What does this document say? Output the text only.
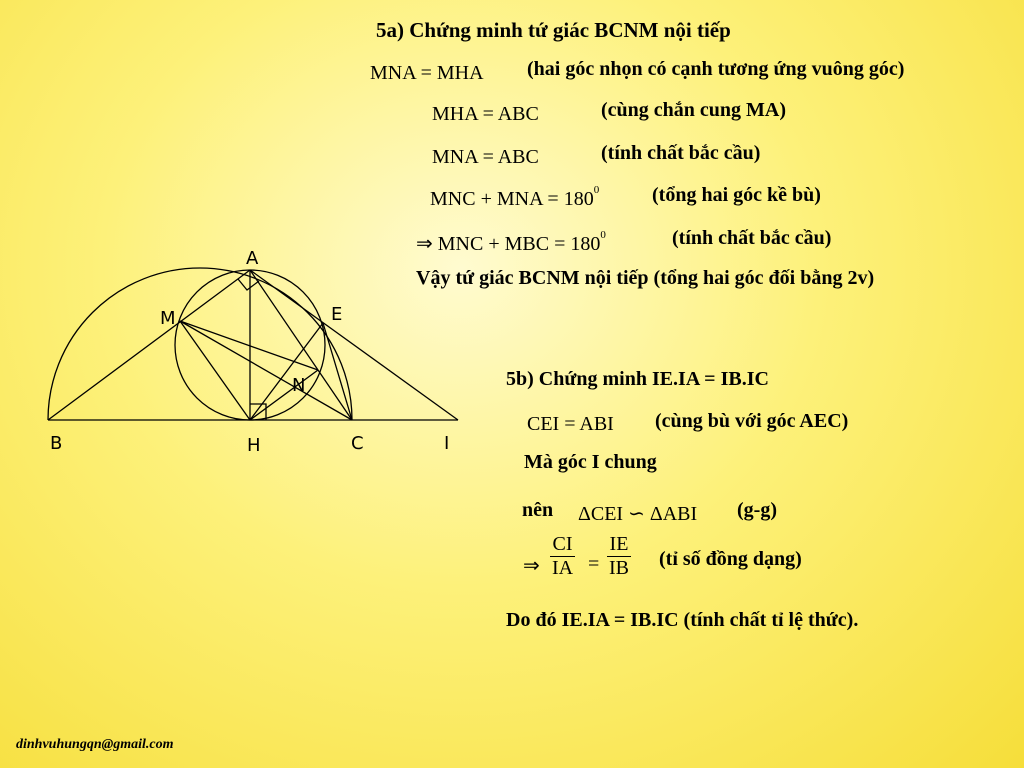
5a) Chứng minh tứ giác BCNM nội tiếp
MNA = MHA (hai góc nhọn có cạnh tương ứng vuông góc)
MHA = ABC	(cùng chắn cung MA)
MNA = ABC	(tính chất bắc cầu)
MNC + MNA = $180^0$	(tổng hai góc kề bù)
⇒ MNC + MBC = $180^0$	(tính chất bắc cầu)
Vậy tứ giác BCNM nội tiếp (tổng hai góc đối bằng 2v)
5b) Chứng minh IE.IA = IB.IC
CEI = ABI (cùng bù với góc AEC)
Mà góc I chung
nên ΔCEI ∽ ΔABI (g-g)
⇒ $\frac{CI}{IA} = \frac{IE}{IB}$ (tỉ số đồng dạng)
Do đó IE.IA = IB.IC (tính chất tỉ lệ thức).
A
M	E
N
B	H	C	I
dinhvuhungqn@gmail.com
